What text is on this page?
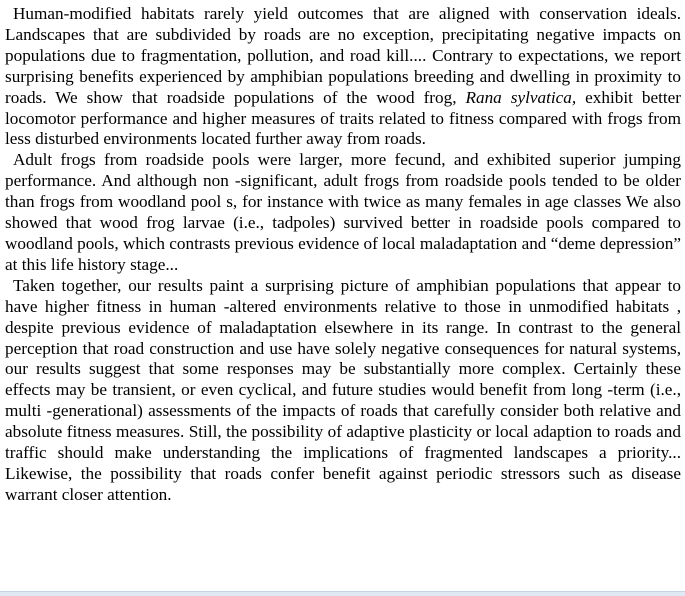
Human-modified habitats rarely yield outcomes that are aligned with conservation ideals. Landscapes that are subdivided by roads are no exception, precipitating negative impacts on populations due to fragmentation, pollution, and road kill.... Contrary to expectations, we report surprising benefits experienced by amphibian populations breeding and dwelling in proximity to roads. We show that roadside populations of the wood frog, Rana sylvatica, exhibit better locomotor performance and higher measures of traits related to fitness compared with frogs from less disturbed environments located further away from roads.

Adult frogs from roadside pools were larger, more fecund, and exhibited superior jumping performance. And although non -significant, adult frogs from roadside pools tended to be older than frogs from woodland pool s, for instance with twice as many females in age classes We also showed that wood frog larvae (i.e., tadpoles) survived better in roadside pools compared to woodland pools, which contrasts previous evidence of local maladaptation and “deme depression” at this life history stage...

Taken together, our results paint a surprising picture of amphibian populations that appear to have higher fitness in human -altered environments relative to those in unmodified habitats , despite previous evidence of maladaptation elsewhere in its range. In contrast to the general perception that road construction and use have solely negative consequences for natural systems, our results suggest that some responses may be substantially more complex. Certainly these effects may be transient, or even cyclical, and future studies would benefit from long -term (i.e., multi -generational) assessments of the impacts of roads that carefully consider both relative and absolute fitness measures. Still, the possibility of adaptive plasticity or local adaption to roads and traffic should make understanding the implications of fragmented landscapes a priority... Likewise, the possibility that roads confer benefit against periodic stressors such as disease warrant closer attention.
